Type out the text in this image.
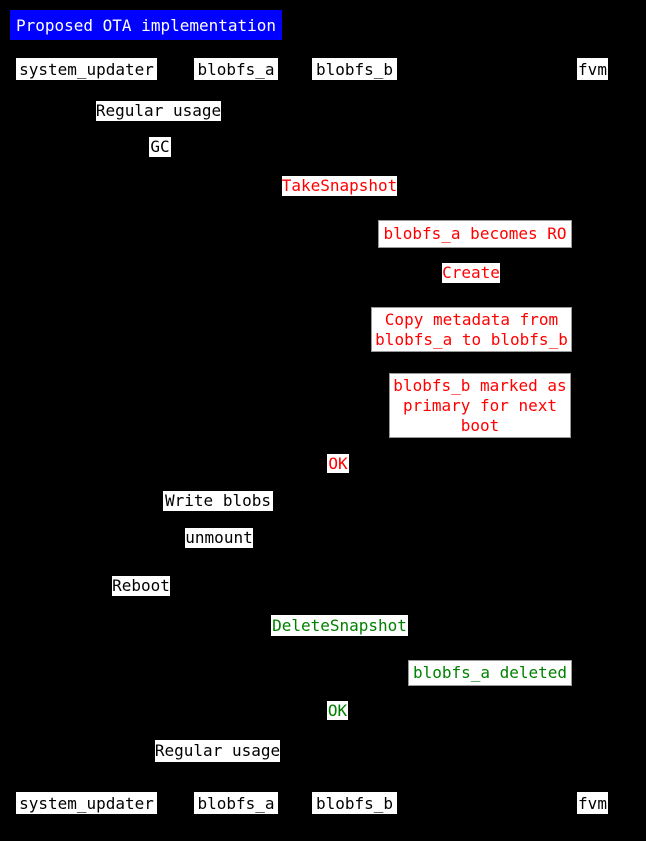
Proposed OTA implementation
system_updater	blobfs_a	blobfs_b	fvm
Regular usage
GC
TakeSnapshot
blobfs_a becomes RO
Create
Copy metadata from blobfs_a to blobfs_b
blobfs_b marked as primary for next boot
OK
Write blobs
unmount
Reboot
DeleteSnapshot
blobfs_a deleted
OK
Regular usage
system_updater	blobfs_a	blobfs_b	fvm
